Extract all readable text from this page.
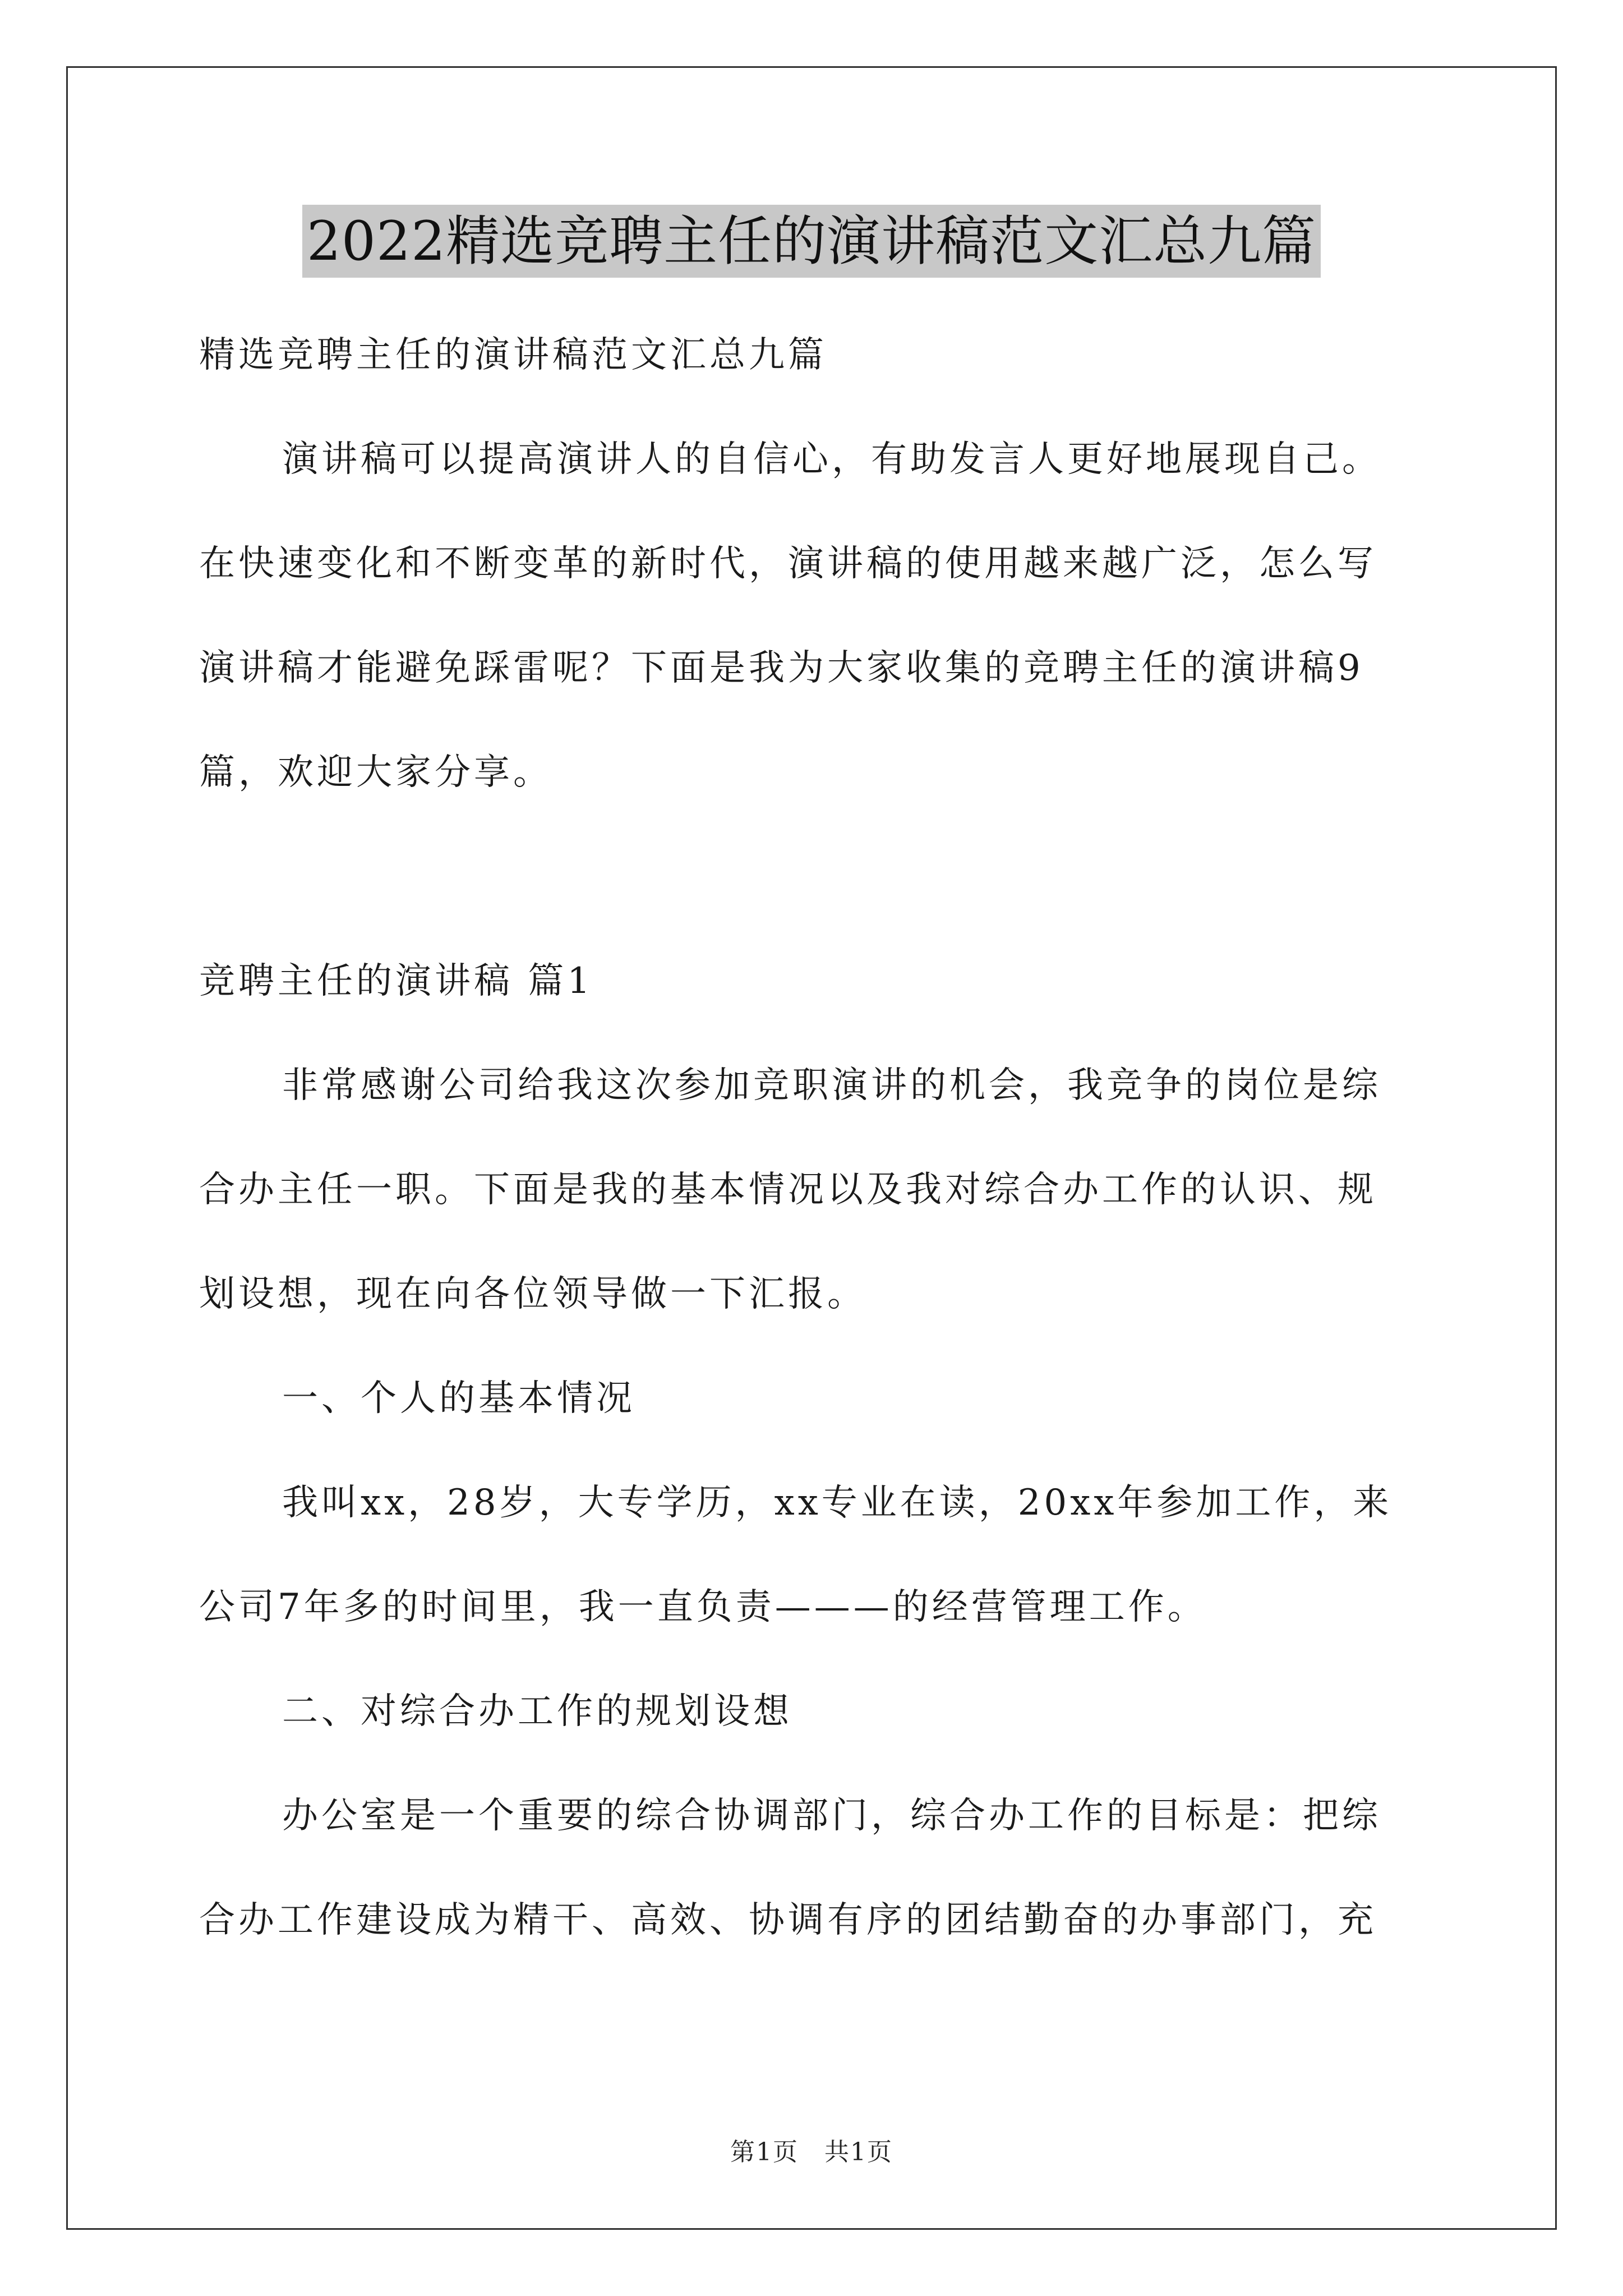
2022精选竞聘主任的演讲稿范文汇总九篇
精选竞聘主任的演讲稿范文汇总九篇
演讲稿可以提高演讲人的自信心，有助发言人更好地展现自己。
在快速变化和不断变革的新时代，演讲稿的使用越来越广泛，怎么写
演讲稿才能避免踩雷呢？下面是我为大家收集的竞聘主任的演讲稿9
篇，欢迎大家分享。
竞聘主任的演讲稿 篇1
非常感谢公司给我这次参加竞职演讲的机会，我竞争的岗位是综
合办主任一职。下面是我的基本情况以及我对综合办工作的认识、规
划设想，现在向各位领导做一下汇报。
一、个人的基本情况
我叫xx，28岁，大专学历，xx专业在读，20xx年参加工作，来
公司7年多的时间里，我一直负责———的经营管理工作。
二、对综合办工作的规划设想
办公室是一个重要的综合协调部门，综合办工作的目标是：把综
合办工作建设成为精干、高效、协调有序的团结勤奋的办事部门，充
第1页　共1页
